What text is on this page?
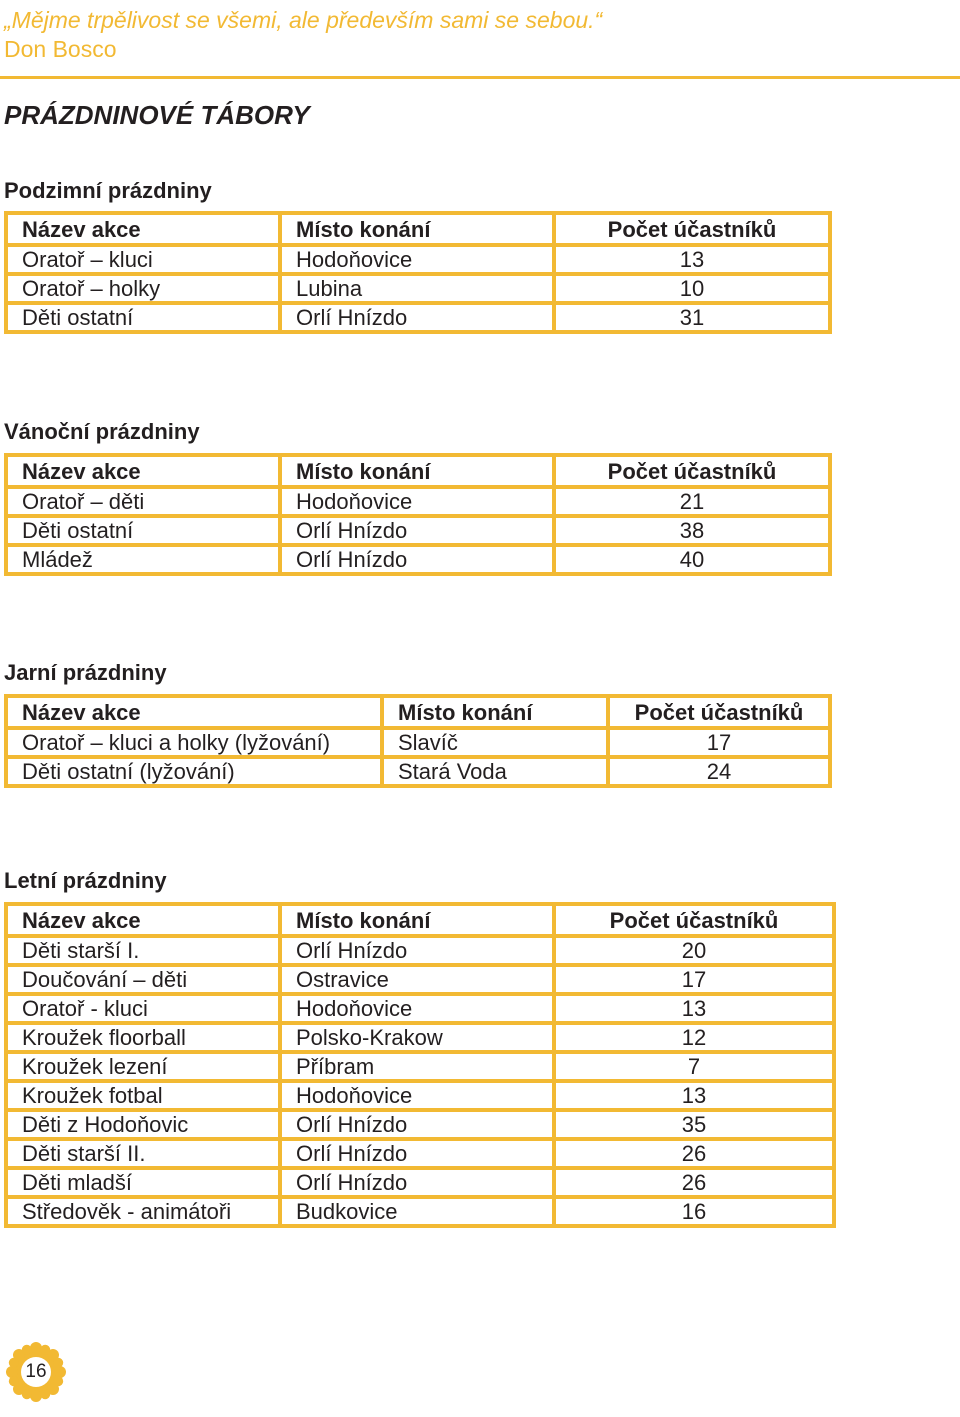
„Mějme trpělivost se všemi, ale především sami se sebou.“
Don Bosco
PRÁZDNINOVÉ TÁBORY
Podzimní prázdniny
Název akce	Místo konání	Počet účastníků
Oratoř – kluci	Hodoňovice	13
Oratoř – holky	Lubina	10
Děti ostatní	Orlí Hnízdo	31
Vánoční prázdniny
Název akce	Místo konání	Počet účastníků
Oratoř – děti	Hodoňovice	21
Děti ostatní	Orlí Hnízdo	38
Mládež	Orlí Hnízdo	40
Jarní prázdniny
Název akce	Místo konání	Počet účastníků
Oratoř – kluci a holky (lyžování)	Slavíč	17
Děti ostatní (lyžování)	Stará Voda	24
Letní prázdniny
Název akce	Místo konání	Počet účastníků
Děti starší I.	Orlí Hnízdo	20
Doučování – děti	Ostravice	17
Oratoř - kluci	Hodoňovice	13
Kroužek floorball	Polsko-Krakow	12
Kroužek lezení	Příbram	7
Kroužek fotbal	Hodoňovice	13
Děti z Hodoňovic	Orlí Hnízdo	35
Děti starší II.	Orlí Hnízdo	26
Děti mladší	Orlí Hnízdo	26
Středověk - animátoři	Budkovice	16
16
